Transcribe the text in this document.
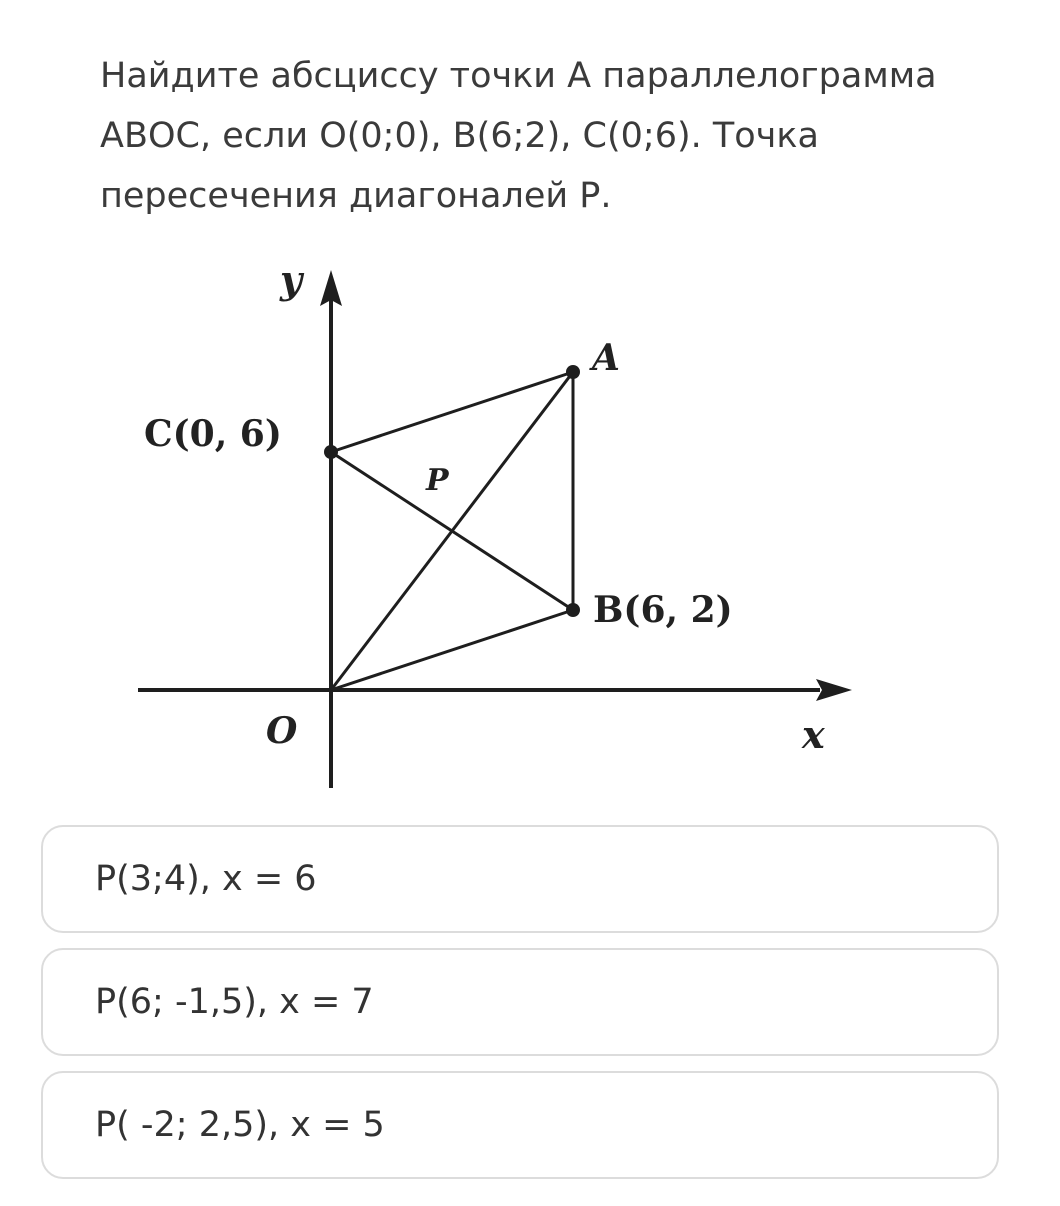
Найдите абсциссу точки А параллелограмма АВОС, если О(0;0), В(6;2), С(0;6). Точка пересечения диагоналей Р.

y
x
O
A
B(6, 2)
C(0, 6)
P
P(3;4), x = 6
P(6; -1,5), x = 7
P( -2; 2,5), x = 5
